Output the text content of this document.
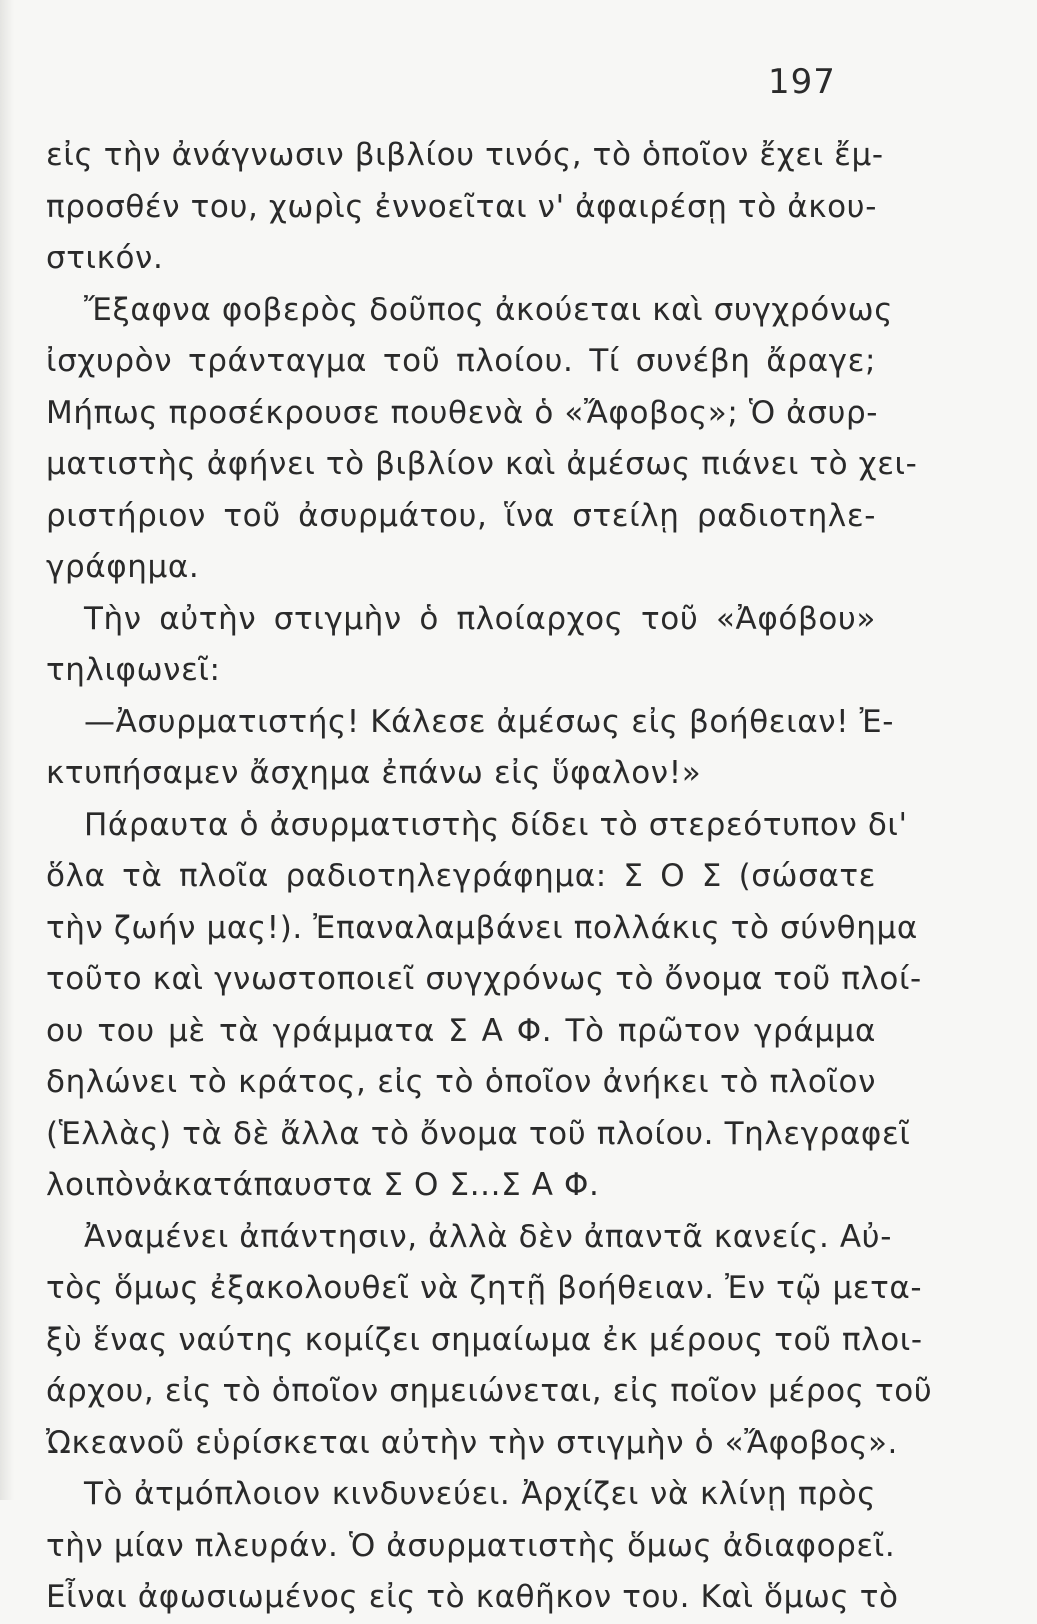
197
εἰς τὴν ἀνάγνωσιν βιβλίου τινός, τὸ ὁποῖον ἔχει ἔμ-
προσθέν του, χωρὶς ἐννοεῖται ν' ἀφαιρέσῃ τὸ ἀκου-
στικόν.
Ἔξαφνα φοβερὸς δοῦπος ἀκούεται καὶ συγχρόνως
ἰσχυρὸν τράνταγμα τοῦ πλοίου. Τί συνέβη ἄραγε;
Μήπως προσέκρουσε πουθενὰ ὁ «Ἄφοβος»; Ὁ ἀσυρ-
ματιστὴς ἀφήνει τὸ βιβλίον καὶ ἀμέσως πιάνει τὸ χει-
ριστήριον τοῦ ἀσυρμάτου, ἵνα στείλῃ ραδιοτηλε-
γράφημα.
Τὴν αὐτὴν στιγμὴν ὁ πλοίαρχος τοῦ «Ἀφόβου»
τηλιφωνεῖ:
—Ἀσυρματιστής! Κάλεσε ἀμέσως εἰς βοήθειαν! Ἐ-
κτυπήσαμεν ἄσχημα ἐπάνω εἰς ὕφαλον!»
Πάραυτα ὁ ἀσυρματιστὴς δίδει τὸ στερεότυπον δι'
ὅλα τὰ πλοῖα ραδιοτηλεγράφημα: Σ Ο Σ (σώσατε
τὴν ζωήν μας!). Ἐπαναλαμβάνει πολλάκις τὸ σύνθημα
τοῦτο καὶ γνωστοποιεῖ συγχρόνως τὸ ὄνομα τοῦ πλοί-
ου του μὲ τὰ γράμματα Σ Α Φ. Τὸ πρῶτον γράμμα
δηλώνει τὸ κράτος, εἰς τὸ ὁποῖον ἀνήκει τὸ πλοῖον
(Ἑλλὰς) τὰ δὲ ἄλλα τὸ ὄνομα τοῦ πλοίου. Τηλεγραφεῖ
λοιπὸνἀκατάπαυστα Σ Ο Σ...Σ Α Φ.
Ἀναμένει ἀπάντησιν, ἀλλὰ δὲν ἀπαντᾶ κανείς. Αὐ-
τὸς ὅμως ἐξακολουθεῖ νὰ ζητῇ βοήθειαν. Ἐν τῷ μετα-
ξὺ ἕνας ναύτης κομίζει σημαίωμα ἐκ μέρους τοῦ πλοι-
άρχου, εἰς τὸ ὁποῖον σημειώνεται, εἰς ποῖον μέρος τοῦ
Ὠκεανοῦ εὑρίσκεται αὐτὴν τὴν στιγμὴν ὁ «Ἄφοβος».
Τὸ ἀτμόπλοιον κινδυνεύει. Ἀρχίζει νὰ κλίνῃ πρὸς
τὴν μίαν πλευράν. Ὁ ἀσυρματιστὴς ὅμως ἀδιαφορεῖ.
Εἶναι ἀφωσιωμένος εἰς τὸ καθῆκον του. Καὶ ὅμως τὸ
